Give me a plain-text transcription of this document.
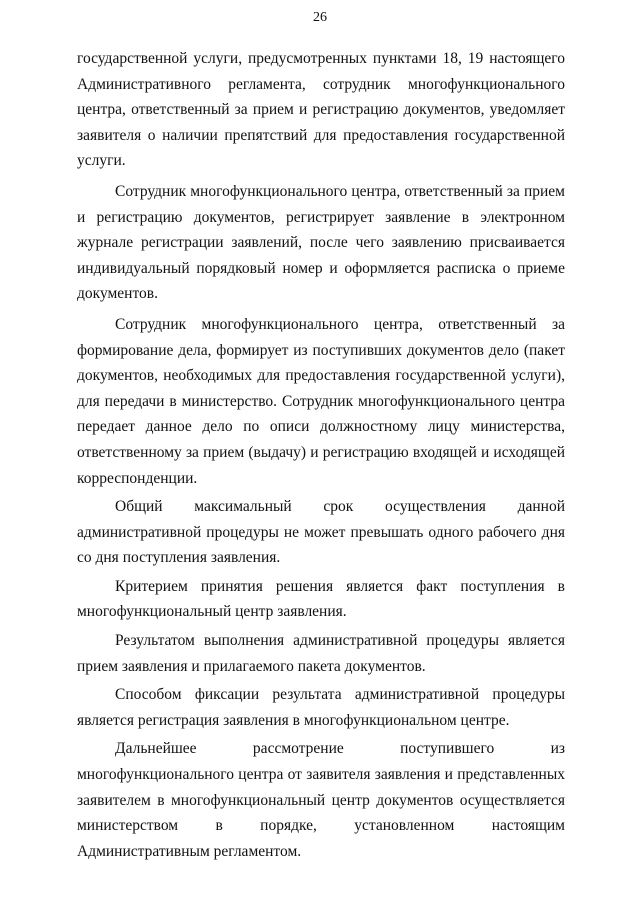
26

государственной услуги, предусмотренных пунктами 18, 19 настоящего Административного регламента, сотрудник многофункционального центра, ответственный за прием и регистрацию документов, уведомляет заявителя о наличии препятствий для предоставления государственной услуги.

Сотрудник многофункционального центра, ответственный за прием и регистрацию документов, регистрирует заявление в электронном журнале регистрации заявлений, после чего заявлению присваивается индивидуальный порядковый номер и оформляется расписка о приеме документов.

Сотрудник многофункционального центра, ответственный за формирование дела, формирует из поступивших документов дело (пакет документов, необходимых для предоставления государственной услуги), для передачи в министерство. Сотрудник многофункционального центра передает данное дело по описи должностному лицу министерства, ответственному за прием (выдачу) и регистрацию входящей и исходящей корреспонденции.

Общий максимальный срок осуществления данной административной процедуры не может превышать одного рабочего дня со дня поступления заявления.

Критерием принятия решения является факт поступления в многофункциональный центр заявления.

Результатом выполнения административной процедуры является прием заявления и прилагаемого пакета документов.

Способом фиксации результата административной процедуры является регистрация заявления в многофункциональном центре.

Дальнейшее рассмотрение поступившего из многофункционального центра от заявителя заявления и представленных заявителем в многофункциональный центр документов осуществляется министерством в порядке, установленном настоящим Административным регламентом.
